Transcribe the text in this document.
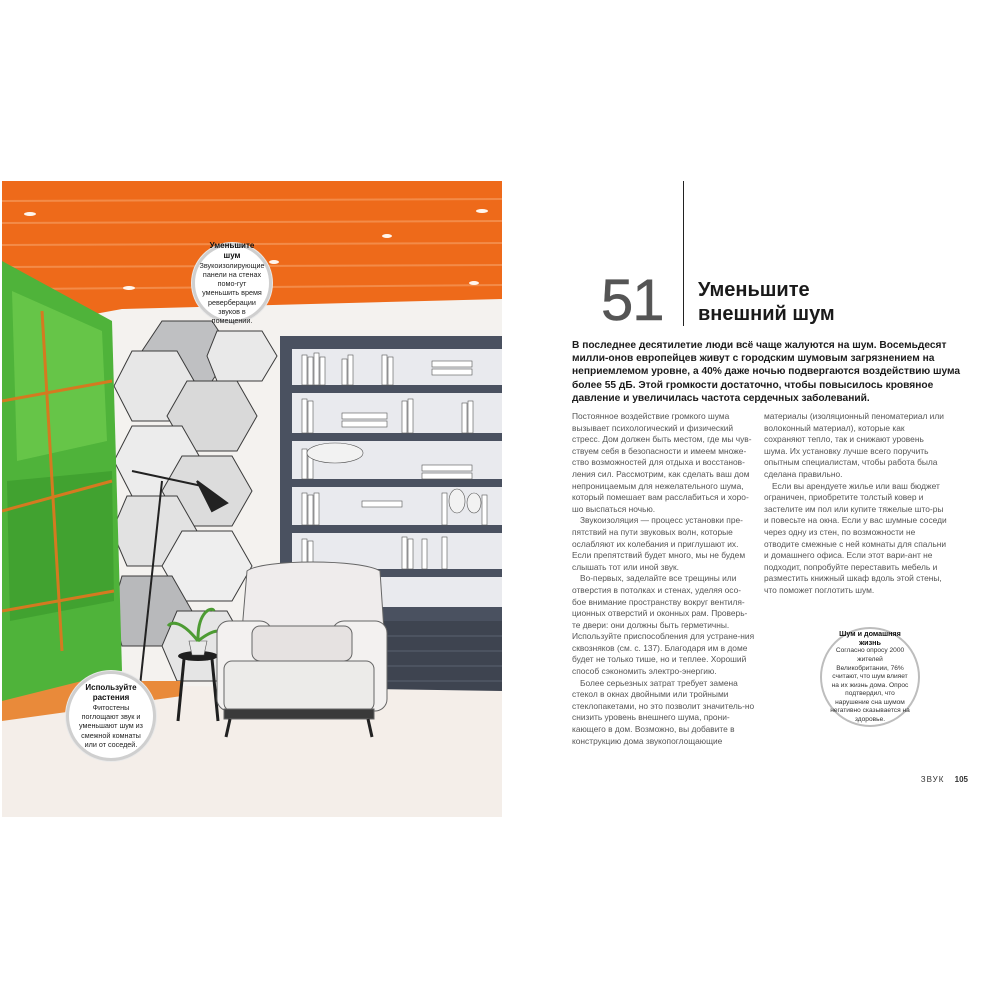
Уменьшите шум
Звукоизолирующие панели на стенах помо-гут уменьшить время реверберации звуков в помещении.
Используйте растения
Фитостены поглощают звук и уменьшают шум из смежной комнаты или от соседей.
51	Уменьшите
внешний шум
В последнее десятилетие люди всё чаще жалуются на шум. Восемьдесят милли-онов европейцев живут с городским шумовым загрязнением на неприемлемом уровне, а 40% даже ночью подвергаются воздействию шума более 55 дБ. Этой громкости достаточно, чтобы повысилось кровяное давление и увеличилась частота сердечных заболеваний.

Постоянное воздействие громкого шума вызывает психологический и физический стресс. Дом должен быть местом, где мы чув-ствуем себя в безопасности и имеем множе-ство возможностей для отдыха и восстанов-ления сил. Рассмотрим, как сделать ваш дом непроницаемым для нежелательного шума, который помешает вам расслабиться и хоро-шо выспаться ночью.

Звукоизоляция — процесс установки пре-пятствий на пути звуковых волн, которые ослабляют их колебания и приглушают их. Если препятствий будет много, мы не будем слышать тот или иной звук.

Во-первых, заделайте все трещины или отверстия в потолках и стенах, уделяя осо-бое внимание пространству вокруг вентиля-ционных отверстий и оконных рам. Проверь-те двери: они должны быть герметичны. Используйте приспособления для устране-ния сквозняков (см. с. 137). Благодаря им в доме будет не только тише, но и теплее. Хороший способ сэкономить электро-энергию.

Более серьезных затрат требует замена стекол в окнах двойными или тройными стеклопакетами, но это позволит значитель-но снизить уровень внешнего шума, прони-кающего в дом. Возможно, вы добавите в конструкцию дома звукопоглощающие

материалы (изоляционный пеноматериал или волоконный материал), которые как сохраняют тепло, так и снижают уровень шума. Их установку лучше всего поручить опытным специалистам, чтобы работа была сделана правильно.

Если вы арендуете жилье или ваш бюджет ограничен, приобретите толстый ковер и застелите им пол или купите тяжелые што-ры и повесьте на окна. Если у вас шумные соседи через одну из стен, по возможности не отводите смежные с ней комнаты для спальни и домашнего офиса. Если этот вари-ант не подходит, попробуйте переставить мебель и разместить книжный шкаф вдоль этой стены, что поможет поглотить шум.

Шум и домашняя жизнь
Согласно опросу 2000 жителей Великобритании, 76% считают, что шум влияет на их жизнь дома. Опрос подтвердил, что нарушение сна шумом негативно сказывается на здоровье.
ЗВУК 105
